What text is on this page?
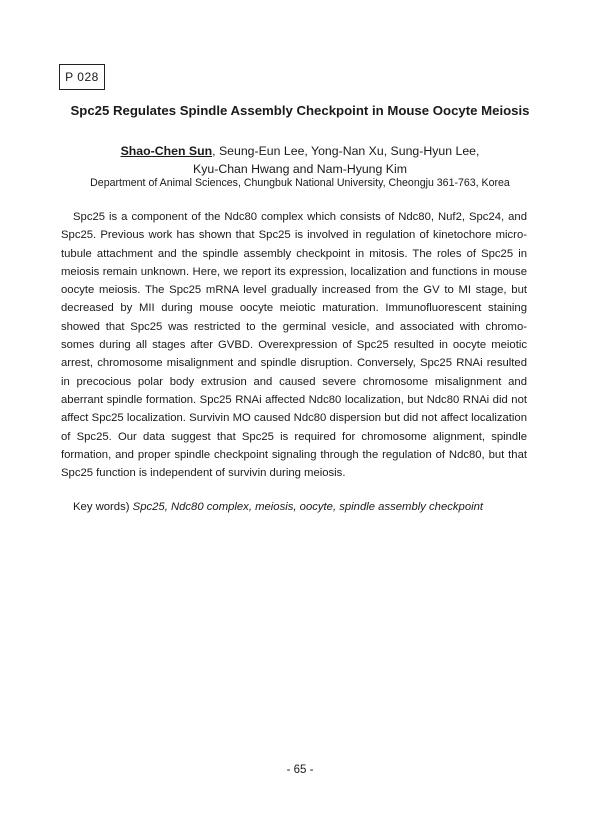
P 028
Spc25 Regulates Spindle Assembly Checkpoint in Mouse Oocyte Meiosis
Shao-Chen Sun, Seung-Eun Lee, Yong-Nan Xu, Sung-Hyun Lee,
Kyu-Chan Hwang and Nam-Hyung Kim
Department of Animal Sciences, Chungbuk National University, Cheongju 361-763, Korea

Spc25 is a component of the Ndc80 complex which consists of Ndc80, Nuf2, Spc24, and Spc25. Previous work has shown that Spc25 is involved in regulation of kinetochore micro-tubule attachment and the spindle assembly checkpoint in mitosis. The roles of Spc25 in meiosis remain unknown. Here, we report its expression, localization and functions in mouse oocyte meiosis. The Spc25 mRNA level gradually increased from the GV to MI stage, but decreased by MII during mouse oocyte meiotic maturation. Immunofluorescent staining showed that Spc25 was restricted to the germinal vesicle, and associated with chromo-somes during all stages after GVBD. Overexpression of Spc25 resulted in oocyte meiotic arrest, chromosome misalignment and spindle disruption. Conversely, Spc25 RNAi resulted in precocious polar body extrusion and caused severe chromosome misalignment and aberrant spindle formation. Spc25 RNAi affected Ndc80 localization, but Ndc80 RNAi did not affect Spc25 localization. Survivin MO caused Ndc80 dispersion but did not affect localization of Spc25. Our data suggest that Spc25 is required for chromosome alignment, spindle formation, and proper spindle checkpoint signaling through the regulation of Ndc80, but that Spc25 function is independent of survivin during meiosis.

Key words) Spc25, Ndc80 complex, meiosis, oocyte, spindle assembly checkpoint
- 65 -
